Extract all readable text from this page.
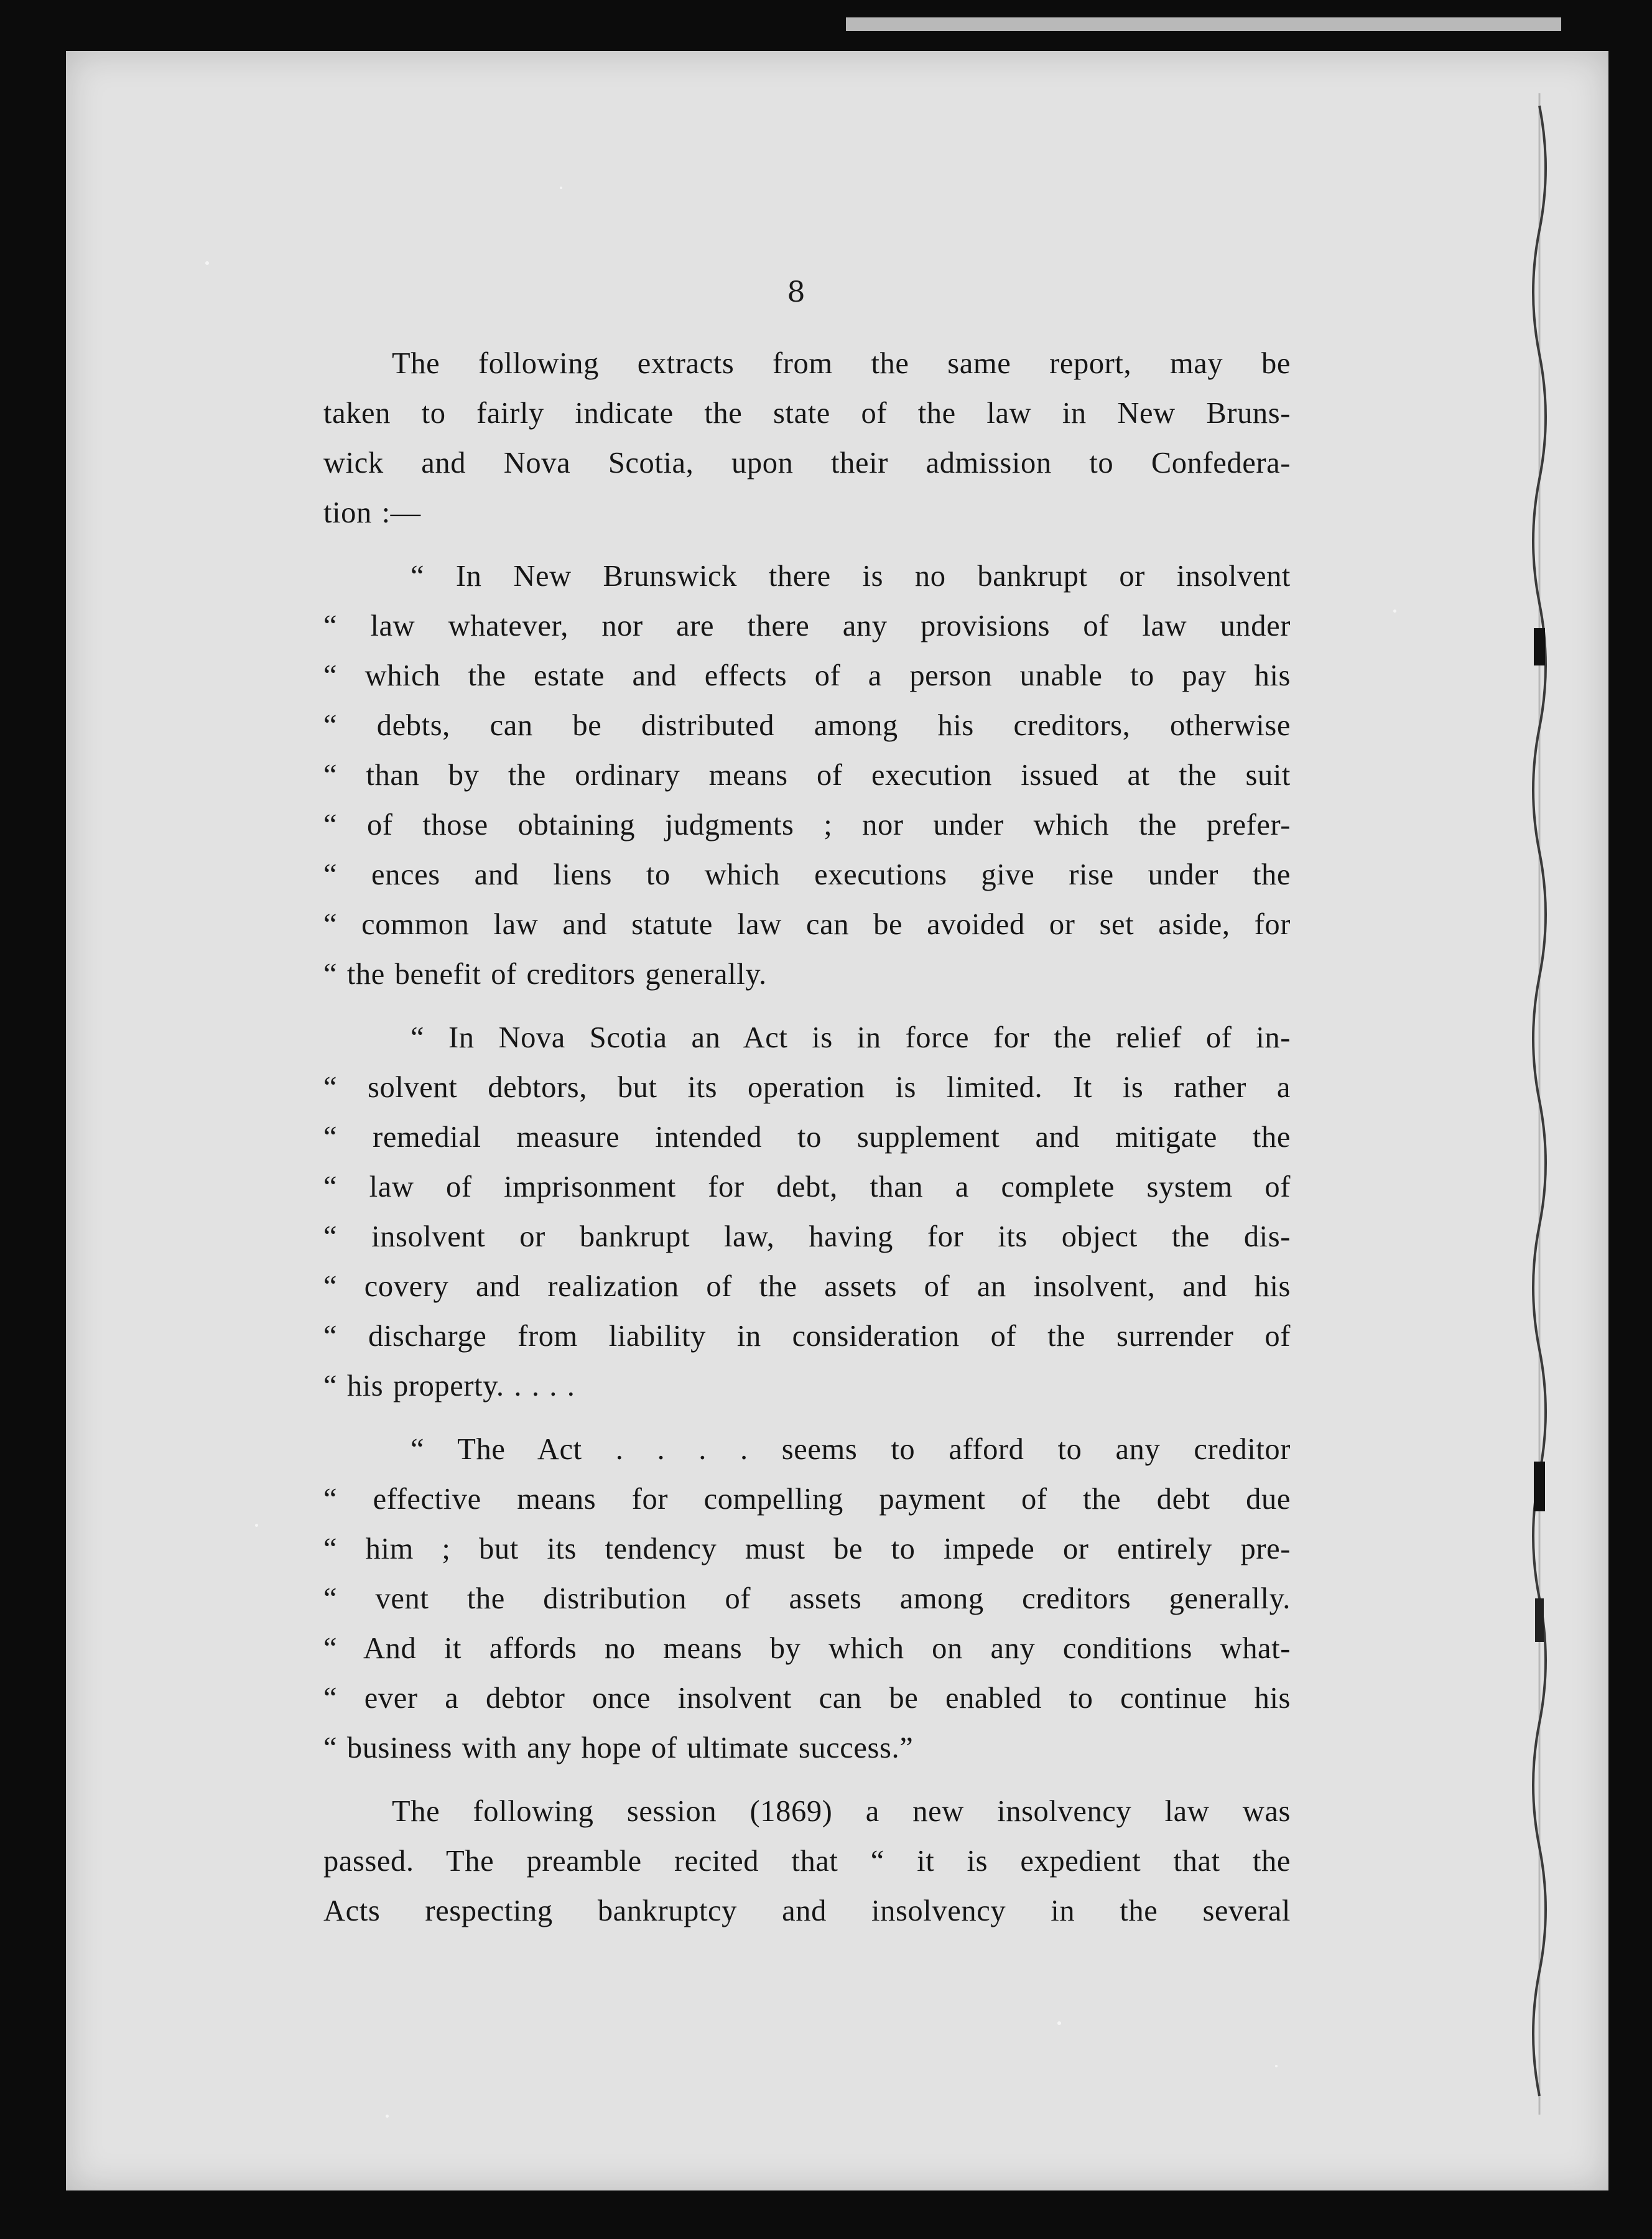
8
The following extracts from the same report, may be
taken to fairly indicate the state of the law in New Bruns-
wick and Nova Scotia, upon their admission to Confedera-
tion :—
“ In New Brunswick there is no bankrupt or insolvent
“ law whatever, nor are there any provisions of law under
“ which the estate and effects of a person unable to pay his
“ debts, can be distributed among his creditors, otherwise
“ than by the ordinary means of execution issued at the suit
“ of those obtaining judgments ; nor under which the prefer-
“ ences and liens to which executions give rise under the
“ common law and statute law can be avoided or set aside, for
“ the benefit of creditors generally.
“ In Nova Scotia an Act is in force for the relief of in-
“ solvent debtors, but its operation is limited. It is rather a
“ remedial measure intended to supplement and mitigate the
“ law of imprisonment for debt, than a complete system of
“ insolvent or bankrupt law, having for its object the dis-
“ covery and realization of the assets of an insolvent, and his
“ discharge from liability in consideration of the surrender of
“ his property. . . . .
“ The Act . . . . seems to afford to any creditor
“ effective means for compelling payment of the debt due
“ him ; but its tendency must be to impede or entirely pre-
“ vent the distribution of assets among creditors generally.
“ And it affords no means by which on any conditions what-
“ ever a debtor once insolvent can be enabled to continue his
“ business with any hope of ultimate success.”
The following session (1869) a new insolvency law was
passed. The preamble recited that “ it is expedient that the
Acts respecting bankruptcy and insolvency in the several
